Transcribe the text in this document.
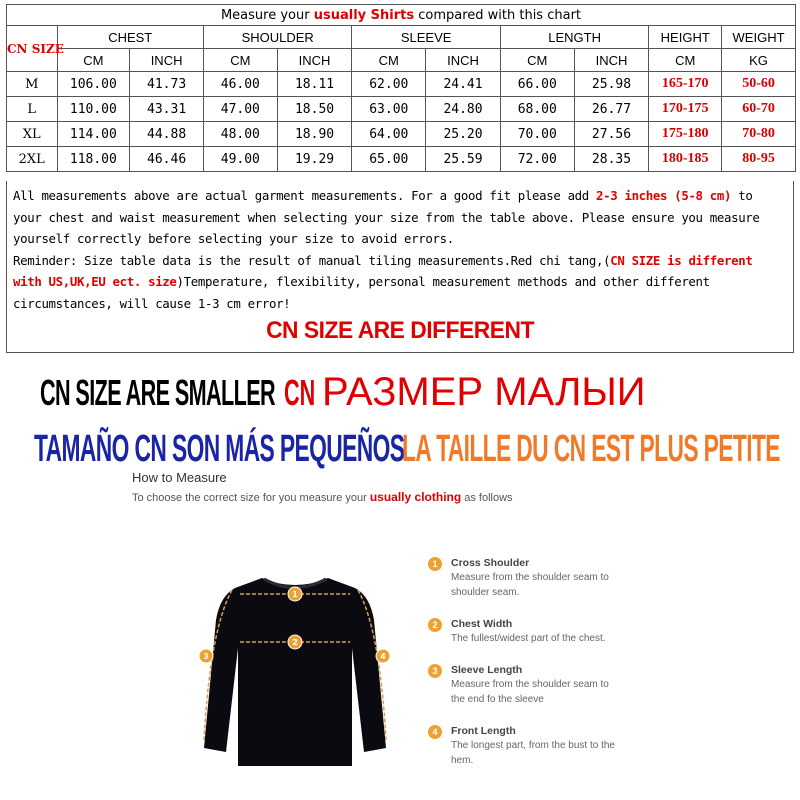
Measure your usually Shirts compared with this chart										
CN SIZE	CHEST		SHOULDER		SLEEVE		LENGTH		HEIGHT	WEIGHT
	CM	INCH	CM	INCH	CM	INCH	CM	INCH	CM	KG
M	106.00	41.73	46.00	18.11	62.00	24.41	66.00	25.98	165-170	50-60
L	110.00	43.31	47.00	18.50	63.00	24.80	68.00	26.77	170-175	60-70
XL	114.00	44.88	48.00	18.90	64.00	25.20	70.00	27.56	175-180	70-80
2XL	118.00	46.46	49.00	19.29	65.00	25.59	72.00	28.35	180-185	80-95

All measurements above are actual garment measurements. For a good fit please add 2-3 inches (5-8 cm) to your chest and waist measurement when selecting your size from the table above. Please ensure you measure yourself correctly before selecting your size to avoid errors.

Reminder: Size table data is the result of manual tiling measurements.Red chi tang,(CN SIZE is different with US,UK,EU ect. size)Temperature, flexibility, personal measurement methods and other different circumstances, will cause 1-3 cm error!

CN SIZE ARE DIFFERENT
CN SIZE ARE SMALLER CN РАЗМЕР МАЛЫИ
TAMAÑO CN SON MÁS PEQUEÑOS
LA TAILLE DU CN EST PLUS PETITE
How to Measure
To choose the correct size for you measure your usually clothing as follows
1
2
3	4
1	Cross Shoulder
Measure from the shoulder seam to shoulder seam.
2	Chest Width
The fullest/widest part of the chest.
3	Sleeve Length
Measure from the shoulder seam to the end fo the sleeve
4	Front Length
The longest part, from the bust to the hem.
